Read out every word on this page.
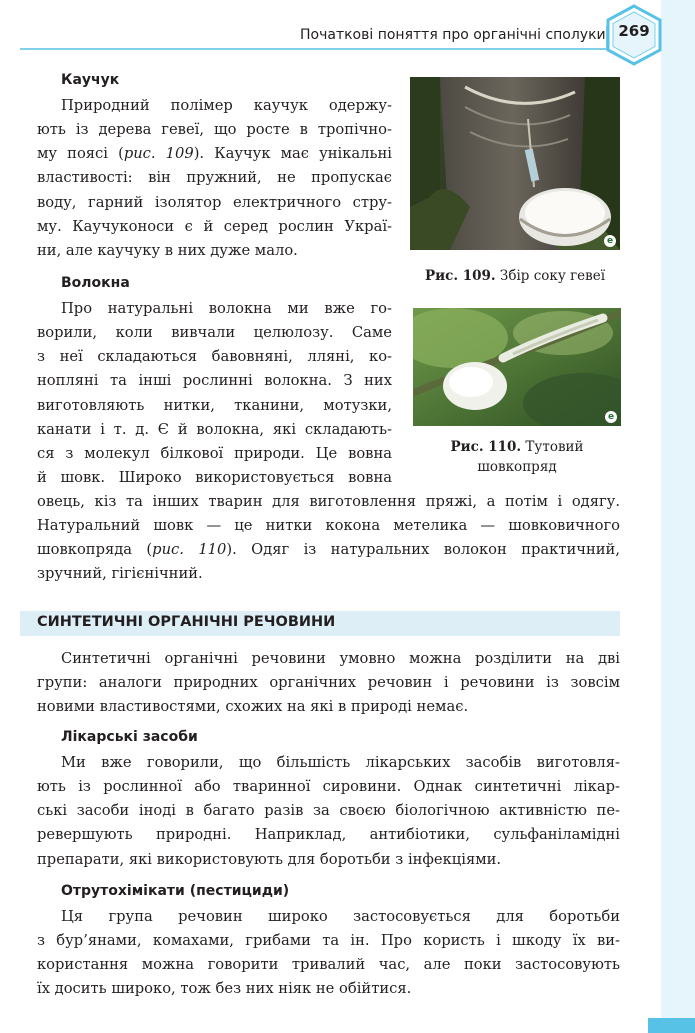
Початкові поняття про органічні сполуки 269
Каучук

Природний полімер каучук одержу-
ють із дерева гевеї, що росте в тропічно-
му поясі (рис. 109). Каучук має унікальні
властивості: він пружний, не пропускає
воду, гарний ізолятор електричного стру-
му. Каучуконоси є й серед рослин Украї-
ни, але каучуку в них дуже мало.

e
Рис. 109. Збір соку гевеї
Волокна

Про натуральні волокна ми вже го-
ворили, коли вивчали целюлозу. Саме
з неї складаються бавовняні, лляні, ко-
ноплянi та інші рослинні волокна. З них
виготовляють нитки, тканини, мотузки,
канати і т. д. Є й волокна, які складають-
ся з молекул білкової природи. Це вовна
й шовк. Широко використовується вовна

овець, кіз та інших тварин для виготовлення пряжі, а потім і одягу.
Натуральний шовк — це нитки кокона метелика — шовковичного
шовкопряда (рис. 110). Одяг із натуральних волокон практичний,
зручний, гігієнічний.

e
Рис. 110. Тутовий
шовкопряд
СИНТЕТИЧНІ ОРГАНІЧНІ РЕЧОВИНИ

Синтетичні органічні речовини умовно можна розділити на дві
групи: аналоги природних органічних речовин і речовини із зовсім
новими властивостями, схожих на які в природі немає.

Лікарські засоби

Ми вже говорили, що більшість лікарських засобів виготовля-
ють із рослинної або тваринної сировини. Однак синтетичні лікар-
ські засоби іноді в багато разів за своєю біологічною активністю пе-
ревершують природні. Наприклад, антибіотики, сульфаніламідні
препарати, які використовують для боротьби з інфекціями.

Отрутохімікати (пестициди)

Ця група речовин широко застосовується для боротьби
з бур’янами, комахами, грибами та ін. Про користь і шкоду їх ви-
користання можна говорити тривалий час, але поки застосовують
їх досить широко, тож без них ніяк не обійтися.
